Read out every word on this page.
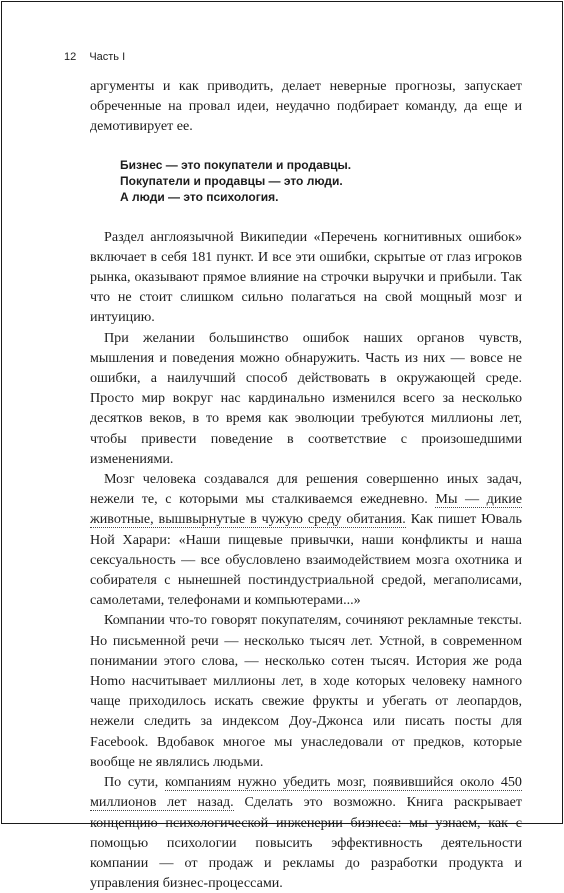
12 Часть I

аргументы и как приводить, делает неверные прогнозы, запускает обреченные на провал идеи, неудачно подбирает команду, да еще и демотивирует ее.

Бизнес — это покупатели и продавцы.
Покупатели и продавцы — это люди.
А люди — это психология.

Раздел англоязычной Википедии «Перечень когнитивных ошибок» включает в себя 181 пункт. И все эти ошибки, скрытые от глаз игроков рынка, оказывают прямое влияние на строчки выручки и прибыли. Так что не стоит слишком сильно полагаться на свой мощный мозг и интуицию.

При желании большинство ошибок наших органов чувств, мышления и поведения можно обнаружить. Часть из них — вовсе не ошибки, а наилучший способ действовать в окружающей среде. Просто мир вокруг нас кардинально изменился всего за несколько десятков веков, в то время как эволюции требуются миллионы лет, чтобы привести поведение в соответствие с произошедшими изменениями.

Мозг человека создавался для решения совершенно иных задач, нежели те, с которыми мы сталкиваемся ежедневно. Мы — дикие животные, вышвырнутые в чужую среду обитания. Как пишет Юваль Ной Харари: «Наши пищевые привычки, наши конфликты и наша сексуальность — все обусловлено взаимодействием мозга охотника и собирателя с нынешней постиндустриальной средой, мегаполисами, самолетами, телефонами и компьютерами...»

Компании что-то говорят покупателям, сочиняют рекламные тексты. Но письменной речи — несколько тысяч лет. Устной, в современном понимании этого слова, — несколько сотен тысяч. История же рода Homo насчитывает миллионы лет, в ходе которых человеку намного чаще приходилось искать свежие фрукты и убегать от леопардов, нежели следить за индексом Доу-Джонса или писать посты для Facebook. Вдобавок многое мы унаследовали от предков, которые вообще не являлись людьми.

По сути, компаниям нужно убедить мозг, появившийся около 450 миллионов лет назад. Сделать это возможно. Книга раскрывает концепцию психологической инженерии бизнеса: мы узнаем, как с помощью психологии повысить эффективность деятельности компании — от продаж и рекламы до разработки продукта и управления бизнес-процессами.
